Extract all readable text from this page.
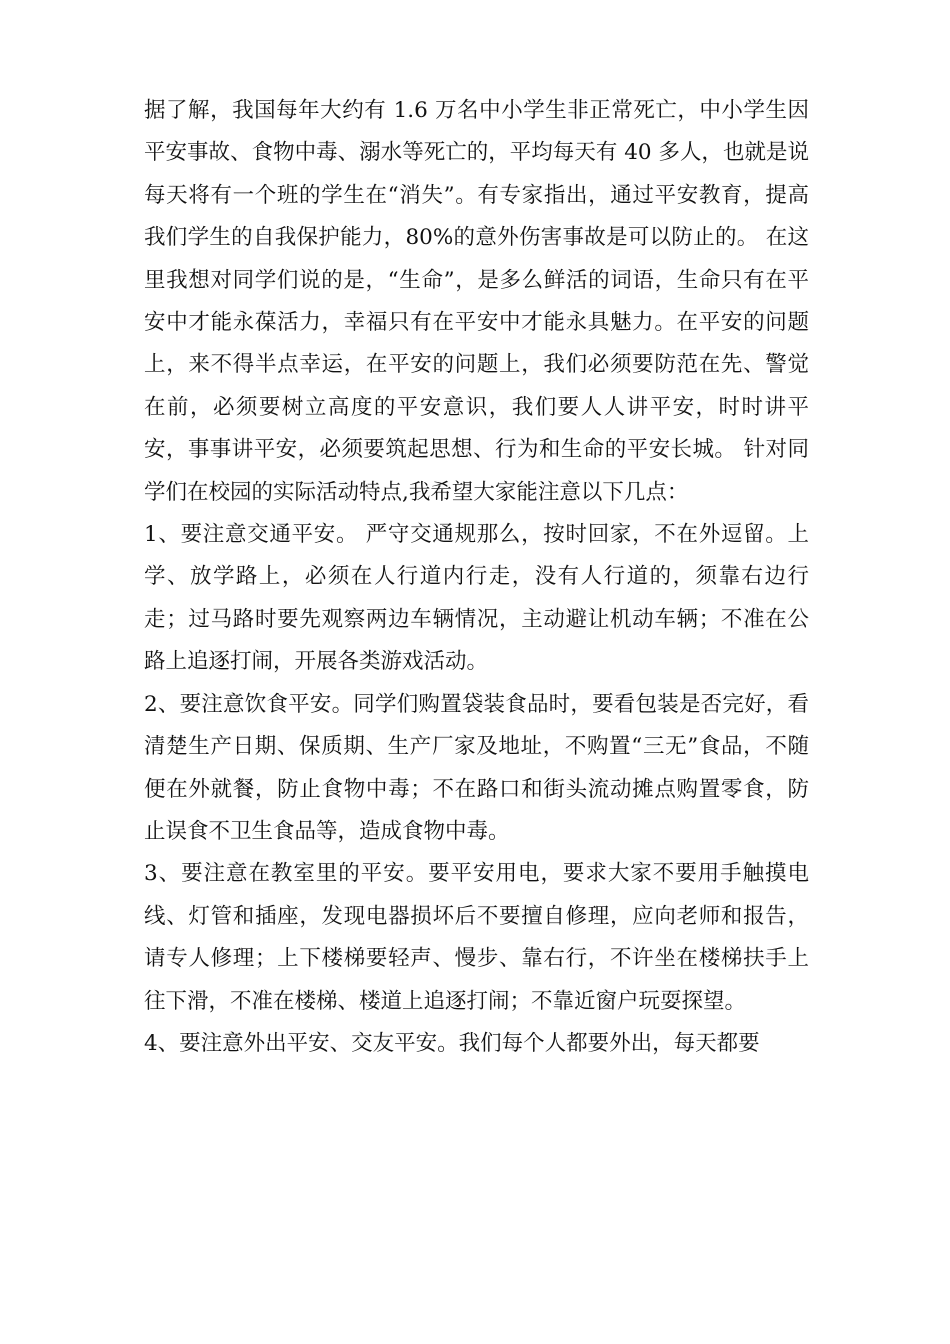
据了解，我国每年大约有 1.6 万名中小学生非正常死亡，中小学生因平安事故、食物中毒、溺水等死亡的，平均每天有 40 多人，也就是说每天将有一个班的学生在“消失”。有专家指出，通过平安教育，提高我们学生的自我保护能力，80%的意外伤害事故是可以防止的。 在这里我想对同学们说的是，“生命”，是多么鲜活的词语，生命只有在平安中才能永葆活力，幸福只有在平安中才能永具魅力。在平安的问题上，来不得半点幸运，在平安的问题上，我们必须要防范在先、警觉在前，必须要树立高度的平安意识，我们要人人讲平安，时时讲平安，事事讲平安，必须要筑起思想、行为和生命的平安长城。 针对同学们在校园的实际活动特点,我希望大家能注意以下几点：

1、要注意交通平安。 严守交通规那么，按时回家，不在外逗留。上学、放学路上，必须在人行道内行走，没有人行道的，须靠右边行走；过马路时要先观察两边车辆情况，主动避让机动车辆；不准在公路上追逐打闹，开展各类游戏活动。

2、要注意饮食平安。同学们购置袋装食品时，要看包装是否完好，看清楚生产日期、保质期、生产厂家及地址，不购置“三无”食品，不随便在外就餐，防止食物中毒；不在路口和街头流动摊点购置零食，防止误食不卫生食品等，造成食物中毒。

3、要注意在教室里的平安。要平安用电，要求大家不要用手触摸电线、灯管和插座，发现电器损坏后不要擅自修理，应向老师和报告，请专人修理；上下楼梯要轻声、慢步、靠右行，不许坐在楼梯扶手上往下滑，不准在楼梯、楼道上追逐打闹；不靠近窗户玩耍探望。

4、要注意外出平安、交友平安。我们每个人都要外出，每天都要
